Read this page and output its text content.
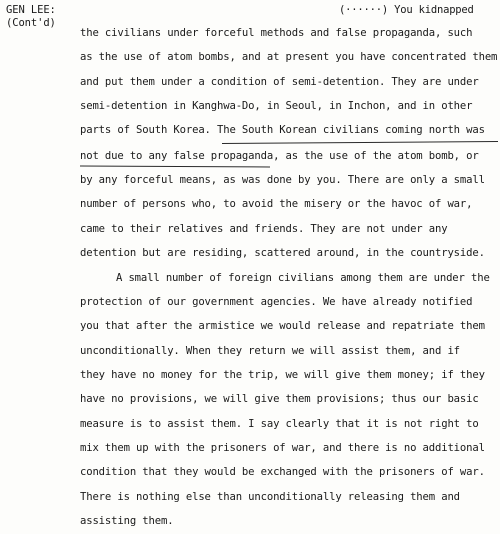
GEN LEE:
(Cont'd)
(······) You kidnapped
the civilians under forceful methods and false propaganda, such
as the use of atom bombs, and at present you have concentrated them
and put them under a condition of semi-detention. They are under
semi-detention in Kanghwa-Do, in Seoul, in Inchon, and in other
parts of South Korea. The South Korean civilians coming north was
not due to any false propaganda, as the use of the atom bomb, or
by any forceful means, as was done by you. There are only a small
number of persons who, to avoid the misery or the havoc of war,
came to their relatives and friends. They are not under any
detention but are residing, scattered around, in the countryside.
A small number of foreign civilians among them are under the
protection of our government agencies. We have already notified
you that after the armistice we would release and repatriate them
unconditionally. When they return we will assist them, and if
they have no money for the trip, we will give them money; if they
have no provisions, we will give them provisions; thus our basic
measure is to assist them. I say clearly that it is not right to
mix them up with the prisoners of war, and there is no additional
condition that they would be exchanged with the prisoners of war.
There is nothing else than unconditionally releasing them and
assisting them.
